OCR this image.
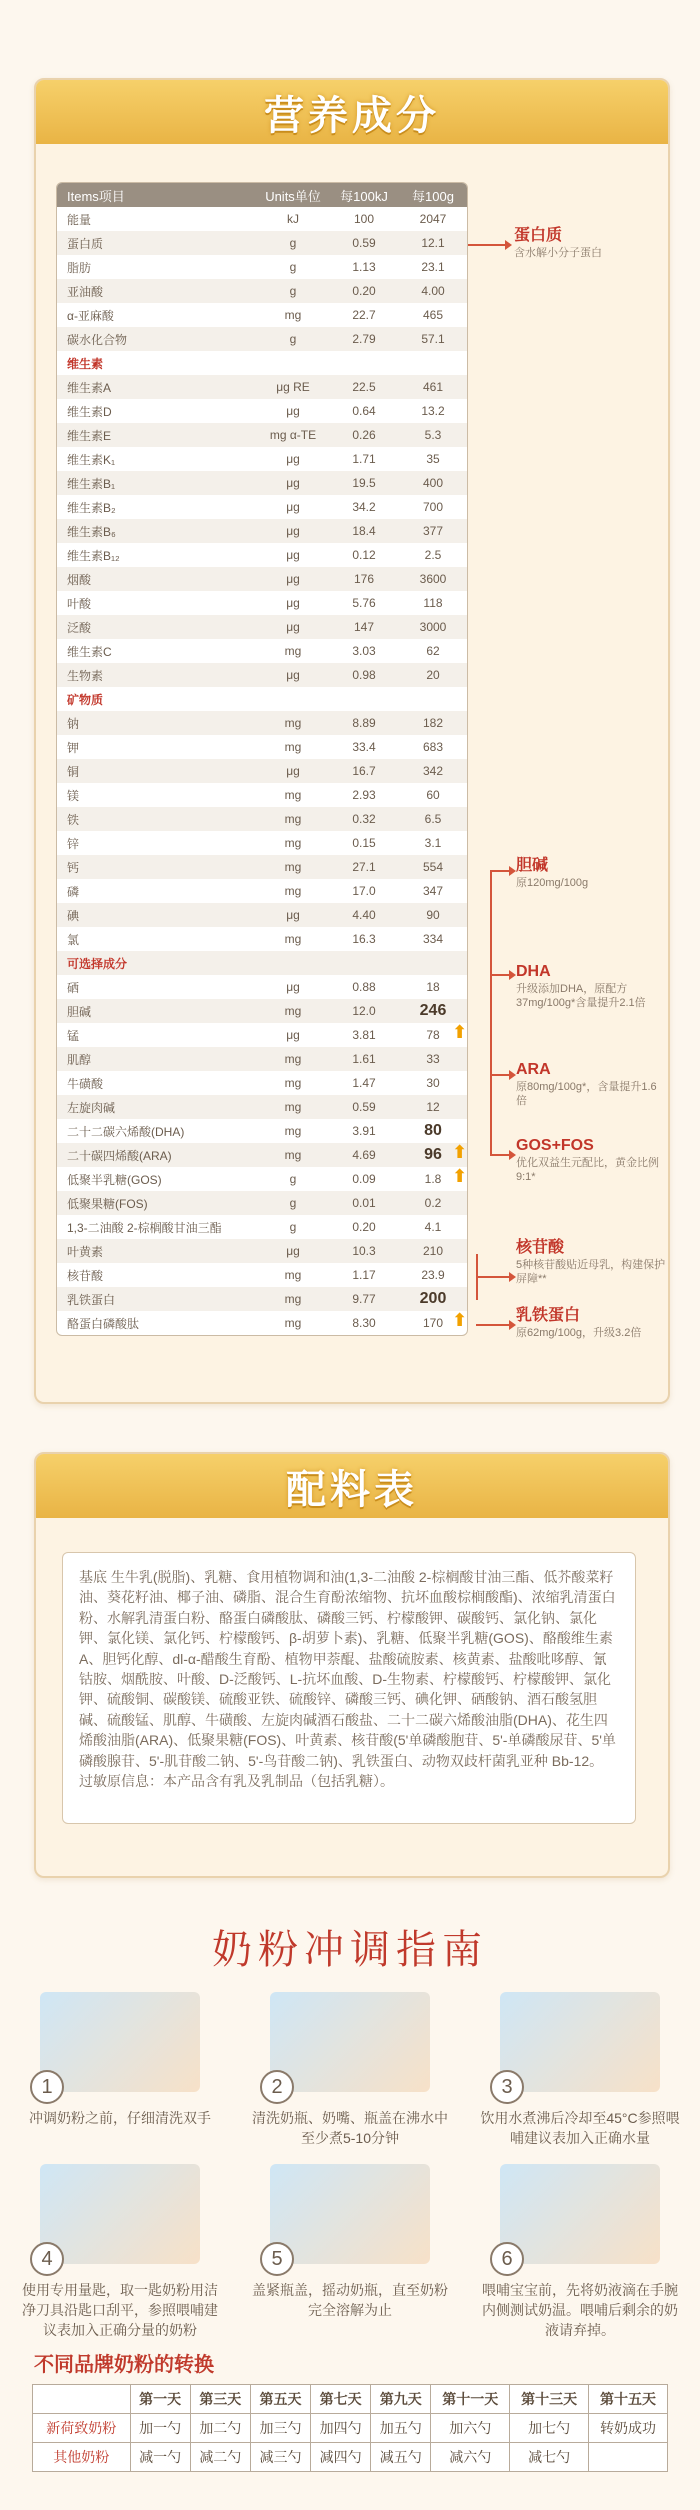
营养成分
Items项目	Units单位	每100kJ	每100g
能量	kJ	100	2047
蛋白质	g	0.59	12.1
脂肪	g	1.13	23.1
亚油酸	g	0.20	4.00
α-亚麻酸	mg	22.7	465
碳水化合物	g	2.79	57.1
维生素
维生素A	μg RE	22.5	461
维生素D	μg	0.64	13.2
维生素E	mg α-TE	0.26	5.3
维生素K₁	μg	1.71	35
维生素B₁	μg	19.5	400
维生素B₂	μg	34.2	700
维生素B₆	μg	18.4	377
维生素B₁₂	μg	0.12	2.5
烟酸	μg	176	3600
叶酸	μg	5.76	118
泛酸	μg	147	3000
维生素C	mg	3.03	62
生物素	μg	0.98	20
矿物质
钠	mg	8.89	182
钾	mg	33.4	683
铜	μg	16.7	342
镁	mg	2.93	60
铁	mg	0.32	6.5
锌	mg	0.15	3.1
钙	mg	27.1	554
磷	mg	17.0	347
碘	μg	4.40	90
氯	mg	16.3	334
可选择成分
硒	μg	0.88	18
胆碱	mg	12.0	246
锰	μg	3.81	78
肌醇	mg	1.61	33
牛磺酸	mg	1.47	30
左旋肉碱	mg	0.59	12
二十二碳六烯酸(DHA)	mg	3.91	80
二十碳四烯酸(ARA)	mg	4.69	96
低聚半乳糖(GOS)	g	0.09	1.8
低聚果糖(FOS)	g	0.01	0.2
1,3-二油酸 2-棕榈酸甘油三酯	g	0.20	4.1
叶黄素	μg	10.3	210
核苷酸	mg	1.17	23.9
乳铁蛋白	mg	9.77	200
酪蛋白磷酸肽	mg	8.30	170
蛋白质
含水解小分子蛋白
胆碱
原120mg/100g
DHA
升级添加DHA，原配方37mg/100g*含量提升2.1倍
ARA
原80mg/100g*，含量提升1.6倍
GOS+FOS
优化双益生元配比，黄金比例9:1*
核苷酸
5种核苷酸贴近母乳，构建保护屏障**
乳铁蛋白
原62mg/100g，升级3.2倍
⬆
⬆
⬆
⬆
配料表
基底 生牛乳(脱脂)、乳糖、食用植物调和油(1,3-二油酸 2-棕榈酸甘油三酯、低芥酸菜籽油、葵花籽油、椰子油、磷脂、混合生育酚浓缩物、抗坏血酸棕榈酸酯)、浓缩乳清蛋白粉、水解乳清蛋白粉、酪蛋白磷酸肽、磷酸三钙、柠檬酸钾、碳酸钙、氯化钠、氯化钾、氯化镁、氯化钙、柠檬酸钙、β-胡萝卜素)、乳糖、低聚半乳糖(GOS)、酪酸维生素 A、胆钙化醇、dl-α-醋酸生育酚、植物甲萘醌、盐酸硫胺素、核黄素、盐酸吡哆醇、氰钴胺、烟酰胺、叶酸、D-泛酸钙、L-抗坏血酸、D-生物素、柠檬酸钙、柠檬酸钾、氯化钾、硫酸铜、碳酸镁、硫酸亚铁、硫酸锌、磷酸三钙、碘化钾、硒酸钠、酒石酸氢胆碱、硫酸锰、肌醇、牛磺酸、左旋肉碱酒石酸盐、二十二碳六烯酸油脂(DHA)、花生四烯酸油脂(ARA)、低聚果糖(FOS)、叶黄素、核苷酸(5'单磷酸胞苷、5'-单磷酸尿苷、5'单磷酸腺苷、5'-肌苷酸二钠、5'-鸟苷酸二钠)、乳铁蛋白、动物双歧杆菌乳亚种 Bb-12。
过敏原信息：本产品含有乳及乳制品（包括乳糖）。
奶粉冲调指南
1
冲调奶粉之前，仔细清洗双手
2
清洗奶瓶、奶嘴、瓶盖在沸水中至少煮5-10分钟
3
饮用水煮沸后冷却至45°C参照喂哺建议表加入正确水量
4
使用专用量匙，取一匙奶粉用洁净刀具沿匙口刮平，参照喂哺建议表加入正确分量的奶粉
5
盖紧瓶盖，摇动奶瓶，直至奶粉完全溶解为止
6
喂哺宝宝前，先将奶液滴在手腕内侧测试奶温。喂哺后剩余的奶液请弃掉。
不同品牌奶粉的转换
	第一天	第三天	第五天	第七天	第九天	第十一天	第十三天	第十五天
新荷致奶粉	加一勺	加二勺	加三勺	加四勺	加五勺	加六勺	加七勺	转奶成功
其他奶粉	减一勺	减二勺	减三勺	减四勺	减五勺	减六勺	减七勺	
